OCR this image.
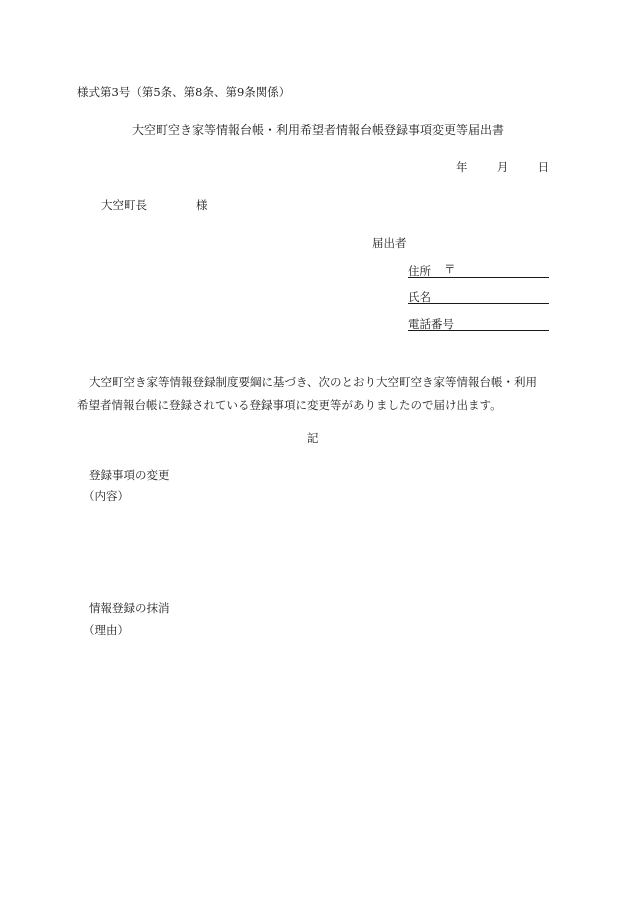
様式第3号（第5条、第8条、第9条関係）
大空町空き家等情報台帳・利用希望者情報台帳登録事項変更等届出書
年	月	日
大空町長	様
届出者
住所 〒
氏名
電話番号
大空町空き家等情報登録制度要綱に基づき、次のとおり大空町空き家等情報台帳・利用
希望者情報台帳に登録されている登録事項に変更等がありましたので届け出ます。
記
登録事項の変更
（内容）
情報登録の抹消
（理由）
